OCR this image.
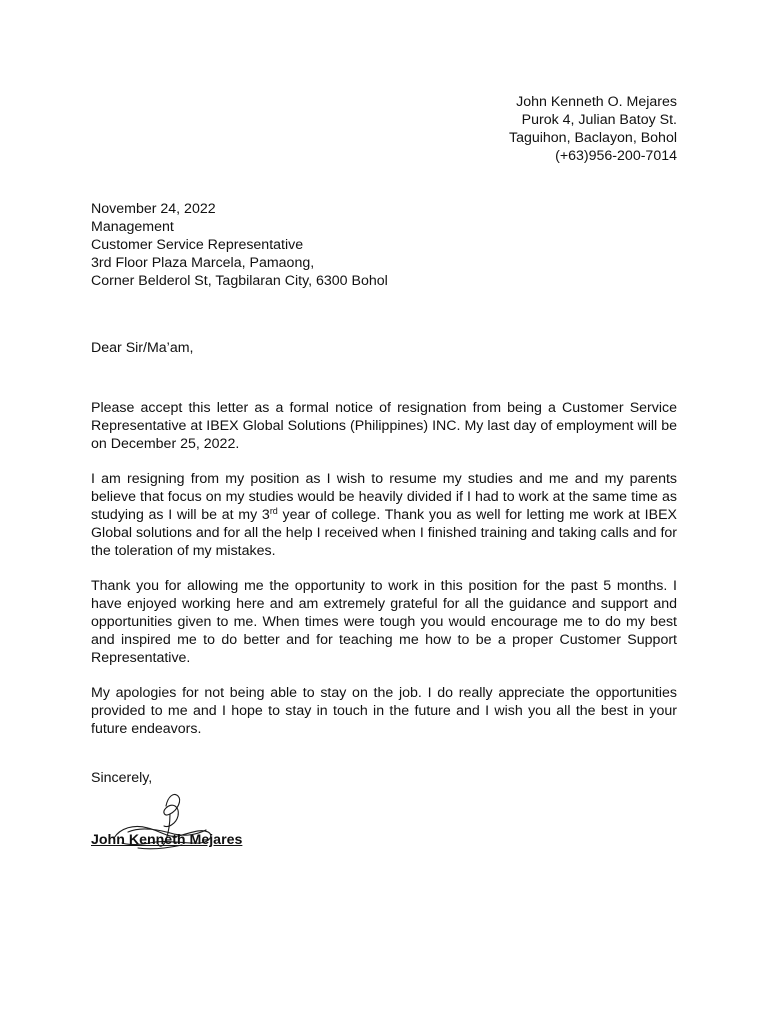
John Kenneth O. Mejares
Purok 4, Julian Batoy St.
Taguihon, Baclayon, Bohol
(+63)956-200-7014
November 24, 2022
Management
Customer Service Representative
3rd Floor Plaza Marcela, Pamaong,
Corner Belderol St, Tagbilaran City, 6300 Bohol
Dear Sir/Ma’am,

Please accept this letter as a formal notice of resignation from being a Customer Service Representative at IBEX Global Solutions (Philippines) INC. My last day of employment will be on December 25, 2022.

I am resigning from my position as I wish to resume my studies and me and my parents believe that focus on my studies would be heavily divided if I had to work at the same time as studying as I will be at my 3rd year of college. Thank you as well for letting me work at IBEX Global solutions and for all the help I received when I finished training and taking calls and for the toleration of my mistakes.

Thank you for allowing me the opportunity to work in this position for the past 5 months. I have enjoyed working here and am extremely grateful for all the guidance and support and opportunities given to me. When times were tough you would encourage me to do my best and inspired me to do better and for teaching me how to be a proper Customer Support Representative.

My apologies for not being able to stay on the job. I do really appreciate the opportunities provided to me and I hope to stay in touch in the future and I wish you all the best in your future endeavors.

Sincerely,
John Kenneth Mejares
